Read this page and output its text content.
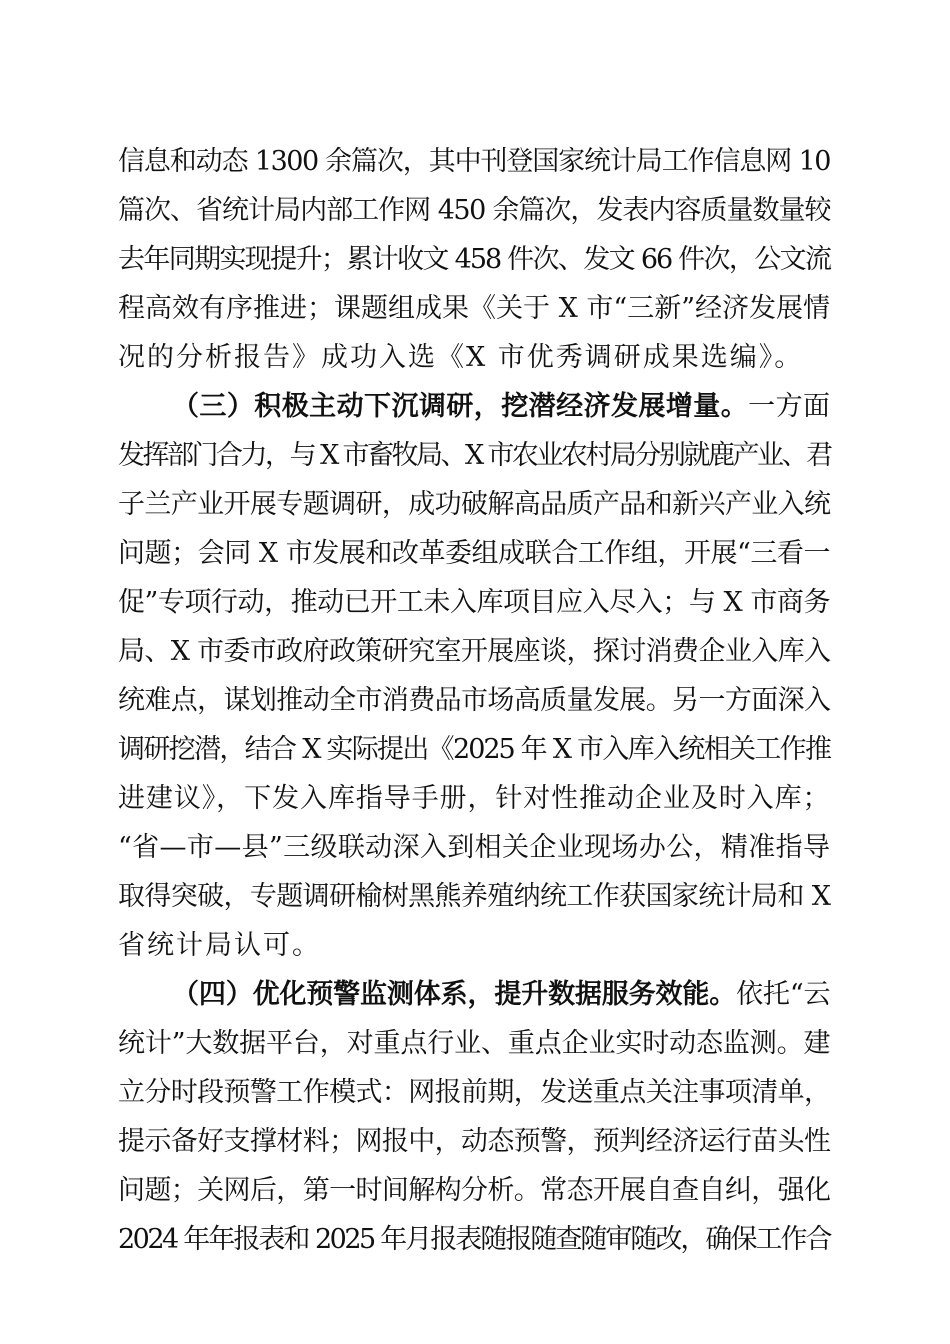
信息和动态 1300 余篇次，其中刊登国家统计局工作信息网 10
篇次、省统计局内部工作网 450 余篇次，发表内容质量数量较
去年同期实现提升；累计收文 458 件次、发文 66 件次，公文流
程高效有序推进；课题组成果《关于 X 市“三新”经济发展情
况的分析报告》成功入选《X 市优秀调研成果选编》。
（三）积极主动下沉调研，挖潜经济发展增量。一方面
发挥部门合力，与 X 市畜牧局、X 市农业农村局分别就鹿产业、君
子兰产业开展专题调研，成功破解高品质产品和新兴产业入统
问题；会同 X 市发展和改革委组成联合工作组，开展“三看一
促”专项行动，推动已开工未入库项目应入尽入；与 X 市商务
局、X 市委市政府政策研究室开展座谈，探讨消费企业入库入
统难点，谋划推动全市消费品市场高质量发展。另一方面深入
调研挖潜，结合 X 实际提出《2025 年 X 市入库入统相关工作推
进建议》，下发入库指导手册，针对性推动企业及时入库；
“省—市—县”三级联动深入到相关企业现场办公，精准指导
取得突破，专题调研榆树黑熊养殖纳统工作获国家统计局和 X
省统计局认可。
（四）优化预警监测体系，提升数据服务效能。依托“云
统计”大数据平台，对重点行业、重点企业实时动态监测。建
立分时段预警工作模式：网报前期，发送重点关注事项清单，
提示备好支撑材料；网报中，动态预警，预判经济运行苗头性
问题；关网后，第一时间解构分析。常态开展自查自纠，强化
2024 年年报表和 2025 年月报表随报随查随审随改，确保工作合
